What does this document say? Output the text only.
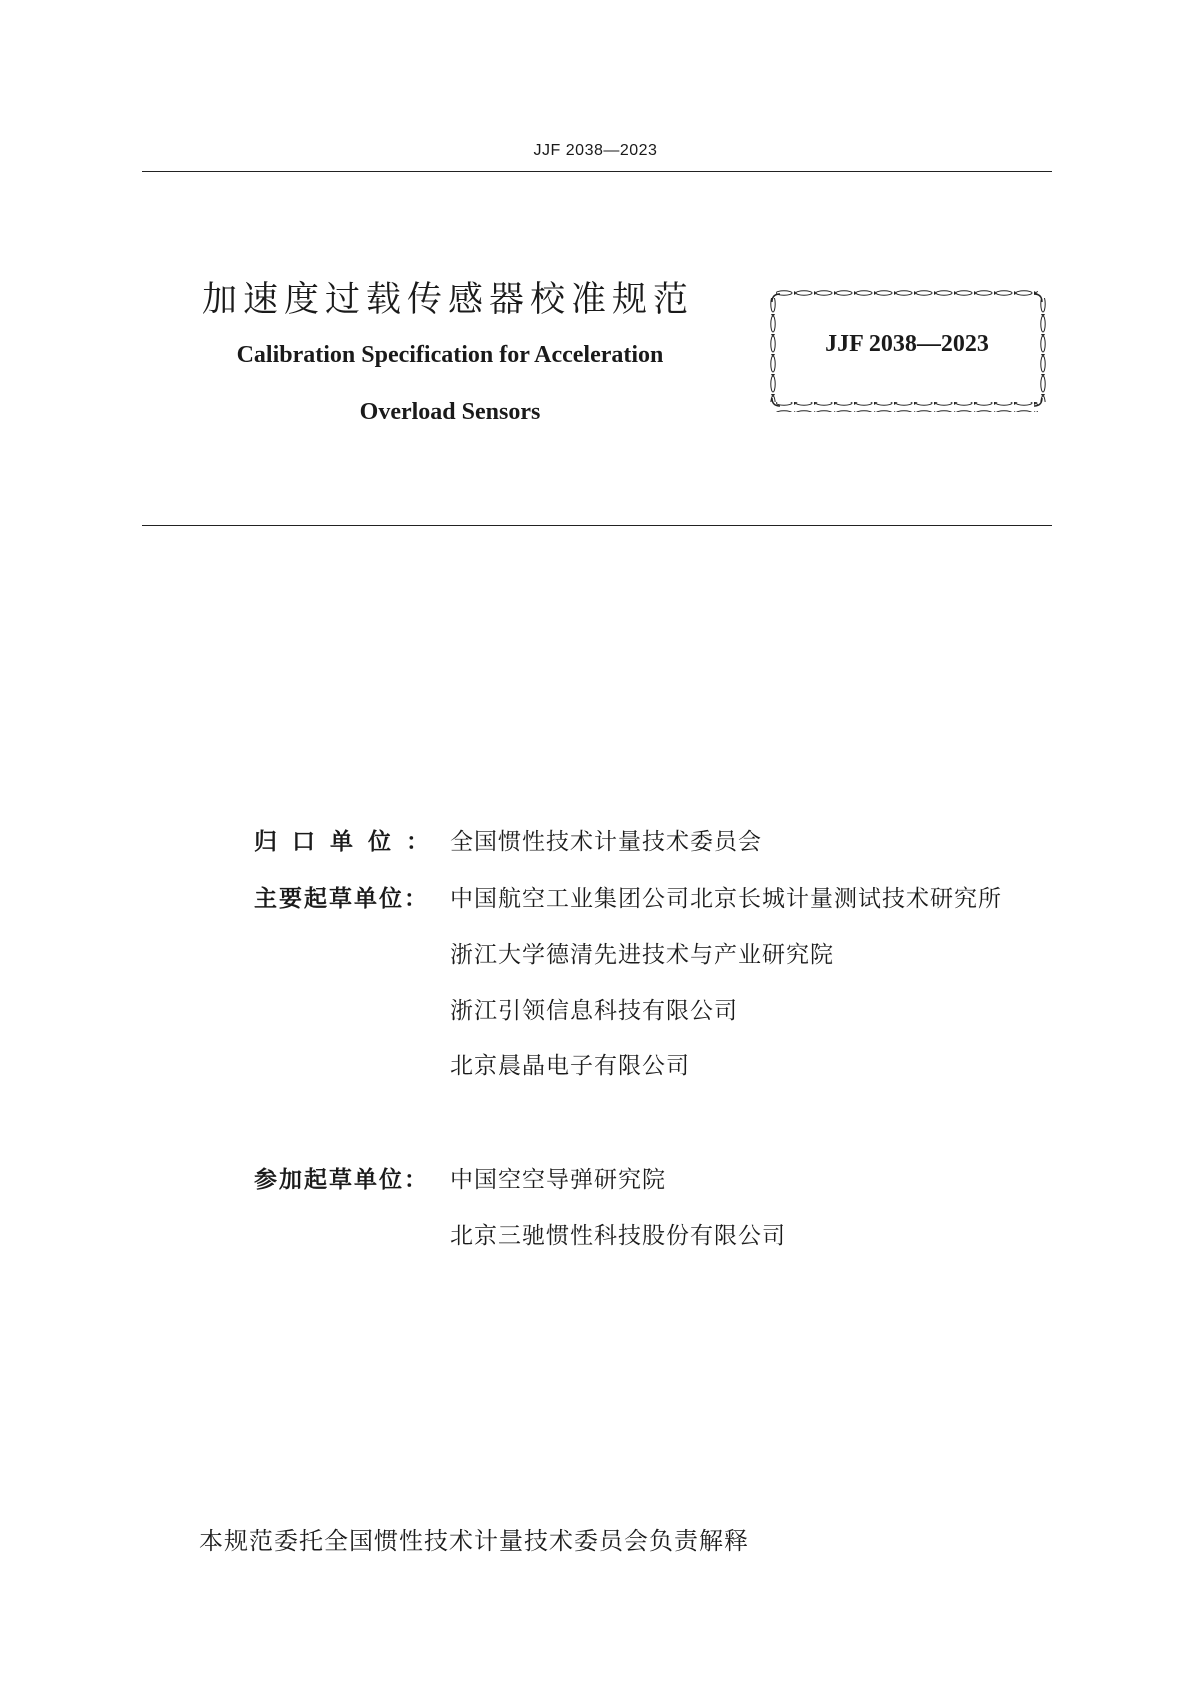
JJF 2038—2023
加速度过载传感器校准规范
Calibration Specification for Acceleration
Overload Sensors
JJF 2038—2023
归口单位： 全国惯性技术计量技术委员会
主要起草单位： 中国航空工业集团公司北京长城计量测试技术研究所
浙江大学德清先进技术与产业研究院
浙江引领信息科技有限公司
北京晨晶电子有限公司
参加起草单位： 中国空空导弹研究院
北京三驰惯性科技股份有限公司
本规范委托全国惯性技术计量技术委员会负责解释
